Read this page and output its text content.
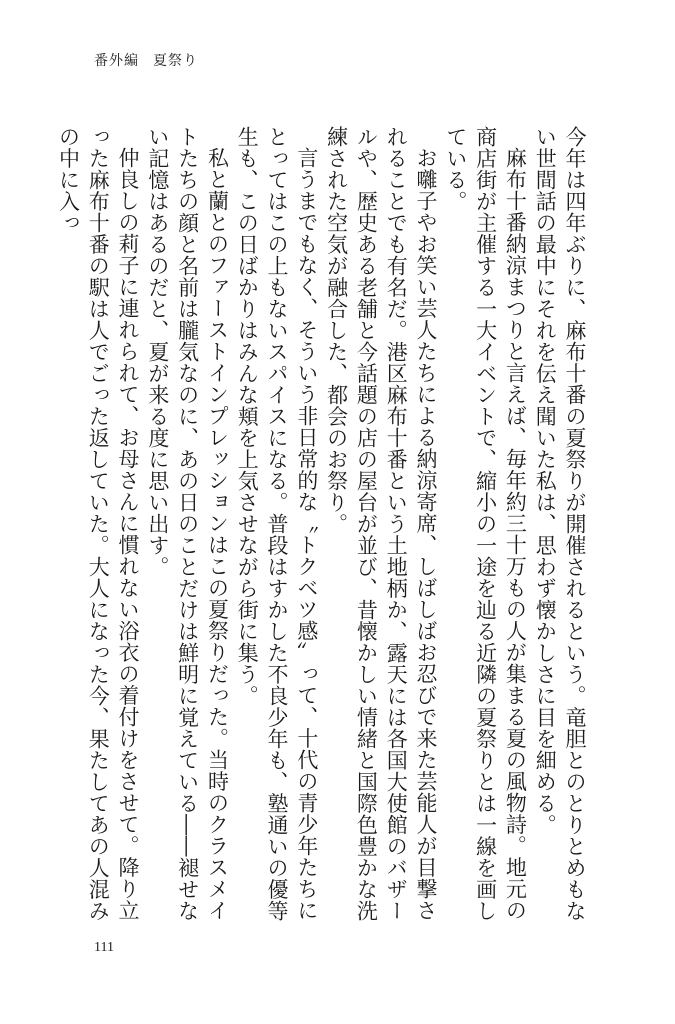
番外編 夏祭り

今年は四年ぶりに、麻布十番の夏祭りが開催されるという。竜胆とのとりとめもない世間話の最中にそれを伝え聞いた私は、思わず懐かしさに目を細める。

麻布十番納涼まつりと言えば、毎年約三十万もの人が集まる夏の風物詩。地元の商店街が主催する一大イベントで、縮小の一途を辿る近隣の夏祭りとは一線を画している。

お囃子やお笑い芸人たちによる納涼寄席、しばしばお忍びで来た芸能人が目撃されることでも有名だ。港区麻布十番という土地柄か、露天には各国大使館のバザールや、歴史ある老舗と今話題の店の屋台が並び、昔懐かしい情緒と国際色豊かな洗練された空気が融合した、都会のお祭り。

言うまでもなく、そういう非日常的な〝トクベツ感〟って、十代の青少年たちにとってはこの上もないスパイスになる。普段はすかした不良少年も、塾通いの優等生も、この日ばかりはみんな頬を上気させながら街に集う。

私と蘭とのファーストインプレッションはこの夏祭りだった。当時のクラスメイトたちの顔と名前は朧気なのに、あの日のことだけは鮮明に覚えている――褪せない記憶はあるのだと、夏が来る度に思い出す。

仲良しの莉子に連れられて、お母さんに慣れない浴衣の着付けをさせて。降り立った麻布十番の駅は人でごった返していた。大人になった今、果たしてあの人混みの中に入っ

111
